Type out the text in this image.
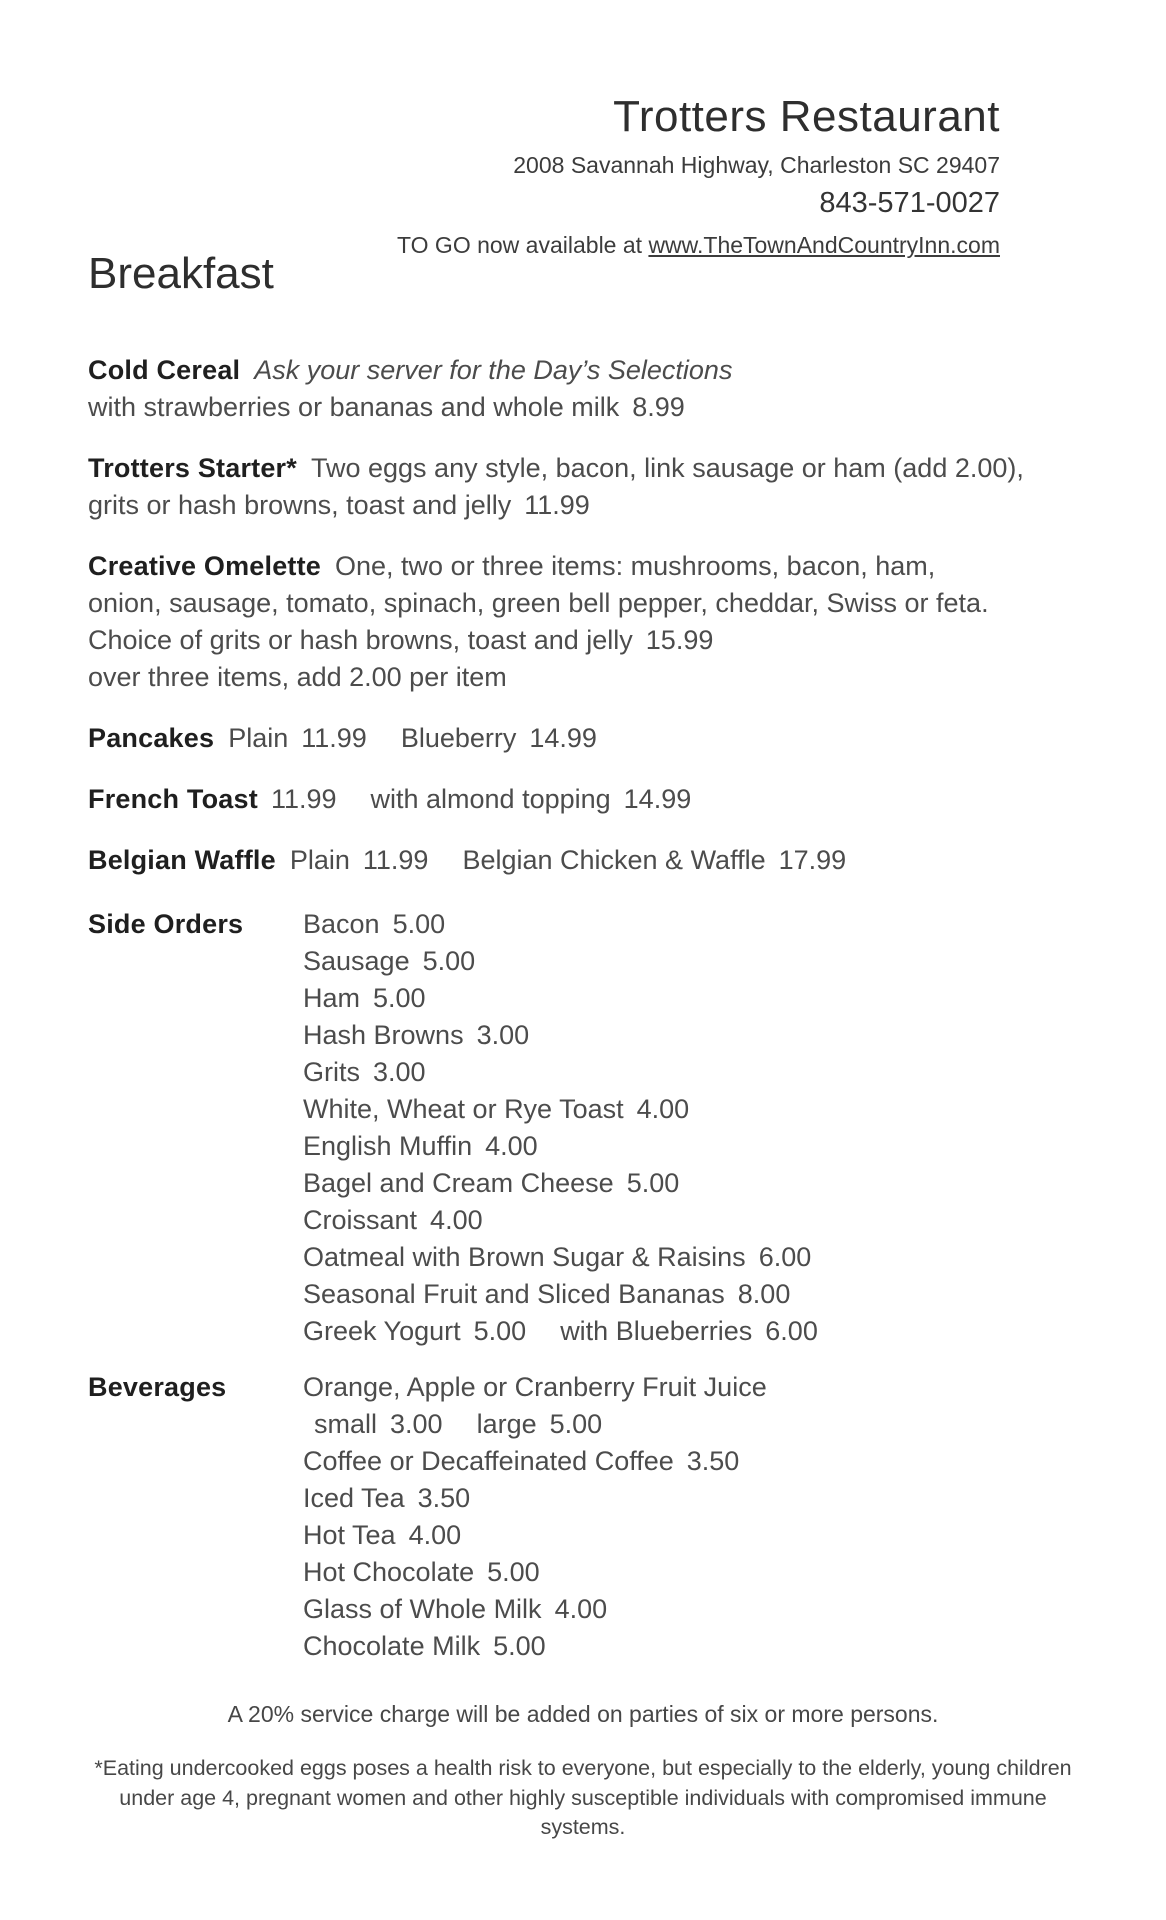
Trotters Restaurant
2008 Savannah Highway, Charleston SC 29407
843-571-0027
TO GO now available at www.TheTownAndCountryInn.com
Breakfast
Cold Cereal Ask your server for the Day’s Selections
with strawberries or bananas and whole milk 8.99
Trotters Starter* Two eggs any style, bacon, link sausage or ham (add 2.00),
grits or hash browns, toast and jelly 11.99
Creative Omelette One, two or three items: mushrooms, bacon, ham,
onion, sausage, tomato, spinach, green bell pepper, cheddar, Swiss or feta.
Choice of grits or hash browns, toast and jelly 15.99
over three items, add 2.00 per item
Pancakes Plain 11.99 Blueberry 14.99
French Toast 11.99 with almond topping 14.99
Belgian Waffle Plain 11.99 Belgian Chicken & Waffle 17.99
Side Orders	Bacon 5.00
Sausage 5.00
Ham 5.00
Hash Browns 3.00
Grits 3.00
White, Wheat or Rye Toast 4.00
English Muffin 4.00
Bagel and Cream Cheese 5.00
Croissant 4.00
Oatmeal with Brown Sugar & Raisins 6.00
Seasonal Fruit and Sliced Bananas 8.00
Greek Yogurt 5.00 with Blueberries 6.00
Beverages	Orange, Apple or Cranberry Fruit Juice
small 3.00 large 5.00
Coffee or Decaffeinated Coffee 3.50
Iced Tea 3.50
Hot Tea 4.00
Hot Chocolate 5.00
Glass of Whole Milk 4.00
Chocolate Milk 5.00
A 20% service charge will be added on parties of six or more persons.
*Eating undercooked eggs poses a health risk to everyone, but especially to the elderly, young children under age 4, pregnant women and other highly susceptible individuals with compromised immune systems.
